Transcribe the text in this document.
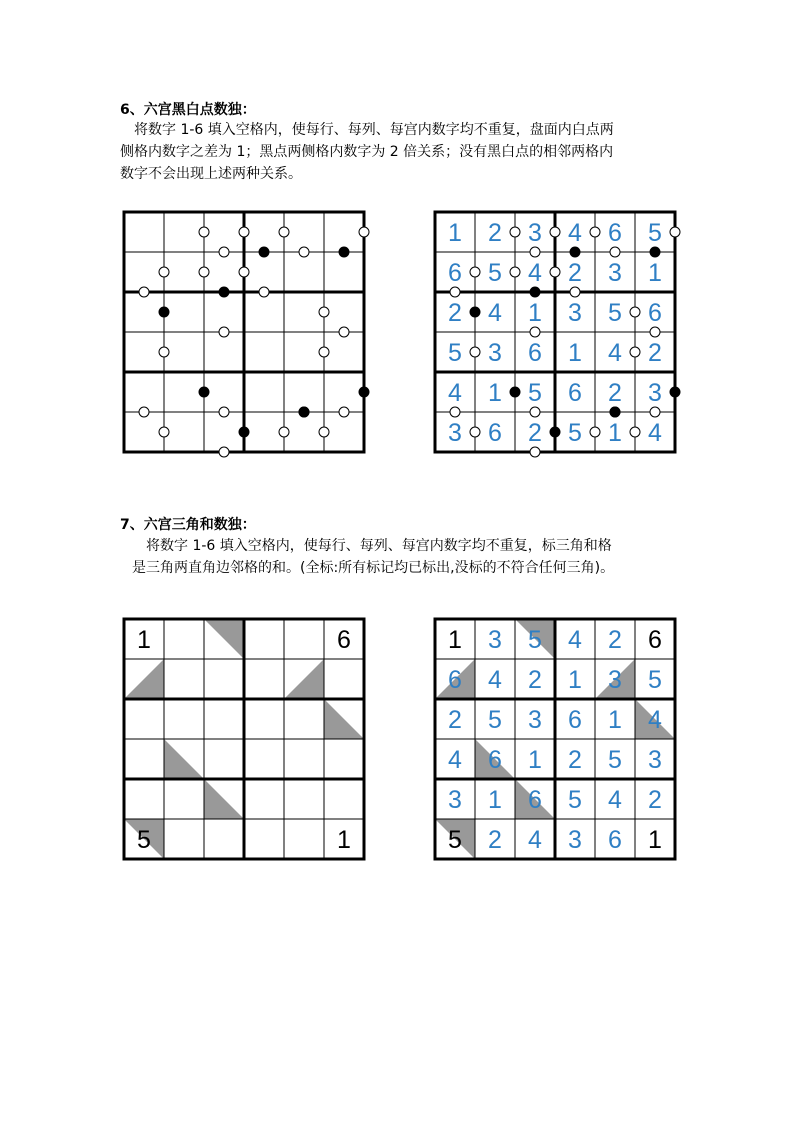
6、六宫黑白点数独：
将数字 1-6 填入空格内，使每行、每列、每宫内数字均不重复，盘面内白点两
侧格内数字之差为 1；黑点两侧格内数字为 2 倍关系；没有黑白点的相邻两格内
数字不会出现上述两种关系。
1 2 3 4 6 5
6 5 4 2 3 1
2 4 1 3 5 6
5 3 6 1 4 2
4 1 5 6 2 3
3 6 2 5 1 4
7、六宫三角和数独：
将数字 1-6 填入空格内，使每行、每列、每宫内数字均不重复，标三角和格
是三角两直角边邻格的和。(全标:所有标记均已标出,没标的不符合任何三角)。
1	6
5	1
1 3 5 4 2 6
6 4 2 1 3 5
2 5 3 6 1 4
4 6 1 2 5 3
3 1 6 5 4 2
5 2 4 3 6 1
